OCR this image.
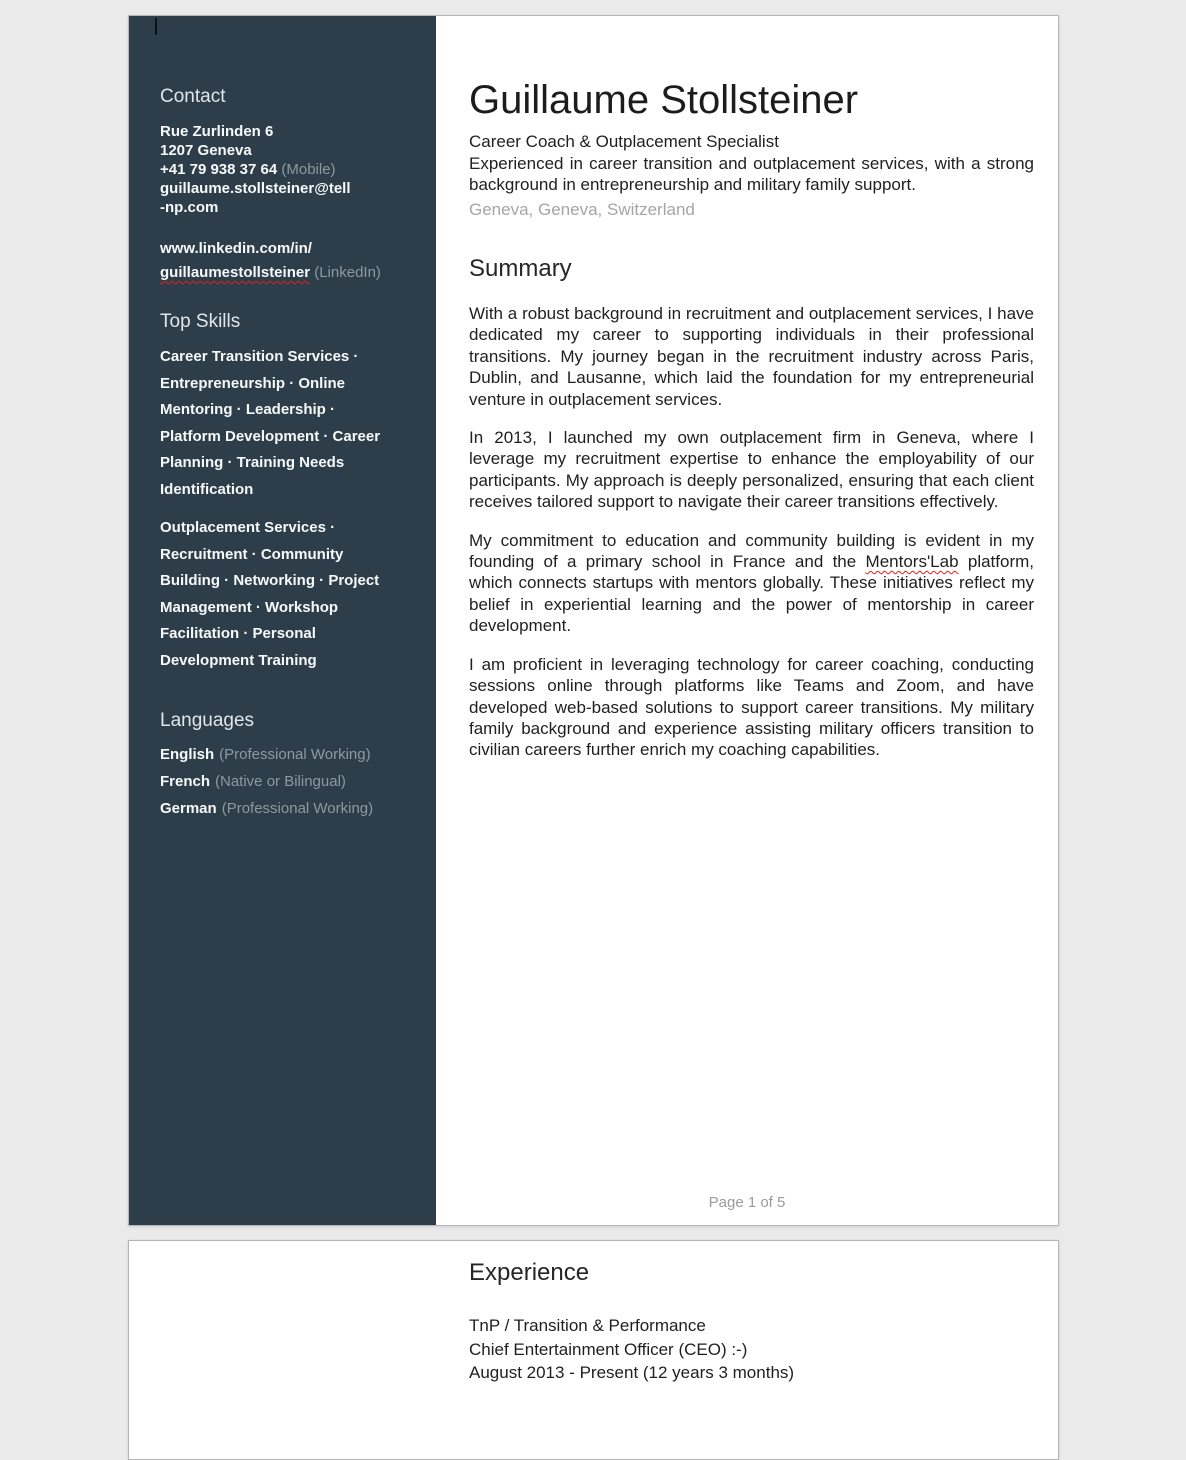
Contact
Rue Zurlinden 6
1207 Geneva
+41 79 938 37 64 (Mobile)
guillaume.stollsteiner@tell
-np.com
www.linkedin.com/in/
guillaumestollsteiner (LinkedIn)
Top Skills
Career Transition Services ·
Entrepreneurship · Online
Mentoring · Leadership ·
Platform Development · Career
Planning · Training Needs
Identification
Outplacement Services ·
Recruitment · Community
Building · Networking · Project
Management · Workshop
Facilitation · Personal
Development Training
Languages
English (Professional Working)
French (Native or Bilingual)
German (Professional Working)
Guillaume Stollsteiner
Career Coach & Outplacement Specialist
Experienced in career transition and outplacement services, with a strong background in entrepreneurship and military family support.
Geneva, Geneva, Switzerland
Summary

With a robust background in recruitment and outplacement services, I have dedicated my career to supporting individuals in their professional transitions. My journey began in the recruitment industry across Paris, Dublin, and Lausanne, which laid the foundation for my entrepreneurial venture in outplacement services.

In 2013, I launched my own outplacement firm in Geneva, where I leverage my recruitment expertise to enhance the employability of our participants. My approach is deeply personalized, ensuring that each client receives tailored support to navigate their career transitions effectively.

My commitment to education and community building is evident in my founding of a primary school in France and the Mentors'Lab platform, which connects startups with mentors globally. These initiatives reflect my belief in experiential learning and the power of mentorship in career development.

I am proficient in leveraging technology for career coaching, conducting sessions online through platforms like Teams and Zoom, and have developed web-based solutions to support career transitions. My military family background and experience assisting military officers transition to civilian careers further enrich my coaching capabilities.

Page 1 of 5
Experience
TnP / Transition & Performance
Chief Entertainment Officer (CEO) :-)
August 2013 - Present (12 years 3 months)
